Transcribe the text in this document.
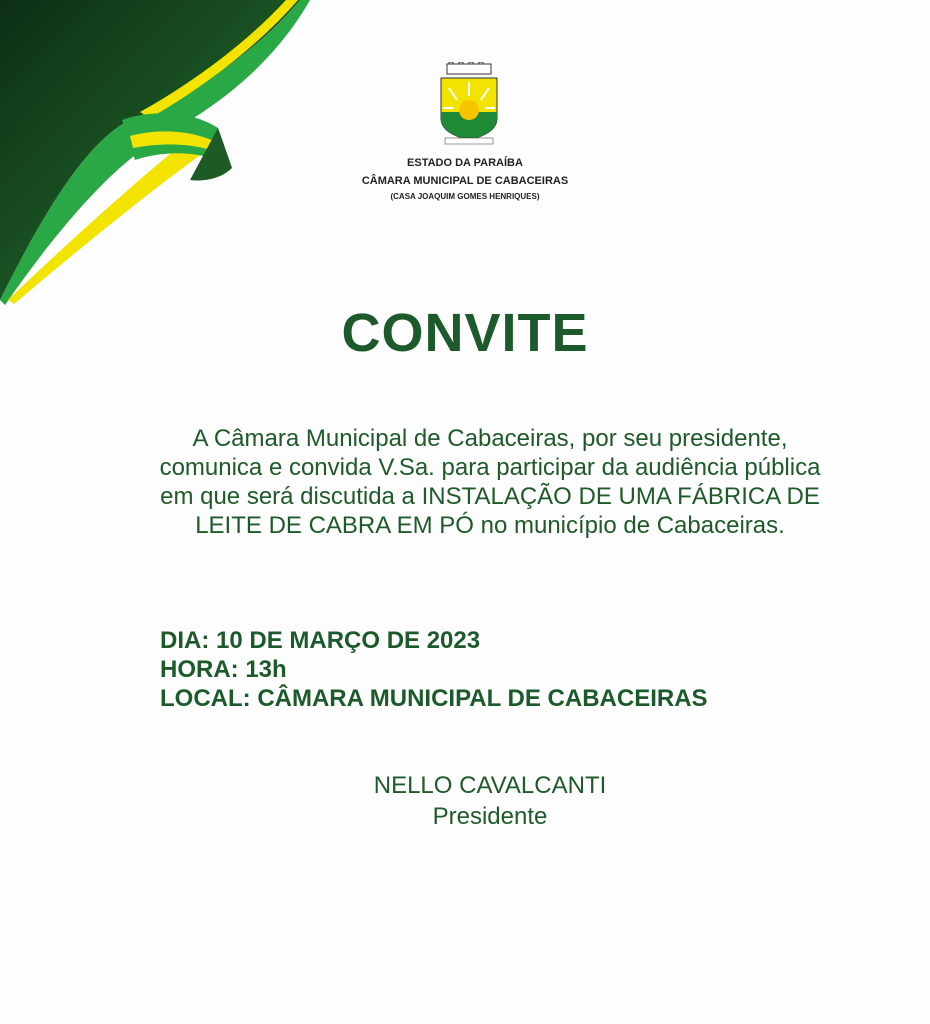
ESTADO DA PARAÍBA
CÂMARA MUNICIPAL DE CABACEIRAS
(CASA JOAQUIM GOMES HENRIQUES)
CONVITE
A Câmara Municipal de Cabaceiras, por seu presidente, comunica e convida V.Sa. para participar da audiência pública em que será discutida a INSTALAÇÃO DE UMA FÁBRICA DE LEITE DE CABRA EM PÓ no município de Cabaceiras.
DIA: 10 DE MARÇO DE 2023
HORA: 13h
LOCAL: CÂMARA MUNICIPAL DE CABACEIRAS
NELLO CAVALCANTI
Presidente
